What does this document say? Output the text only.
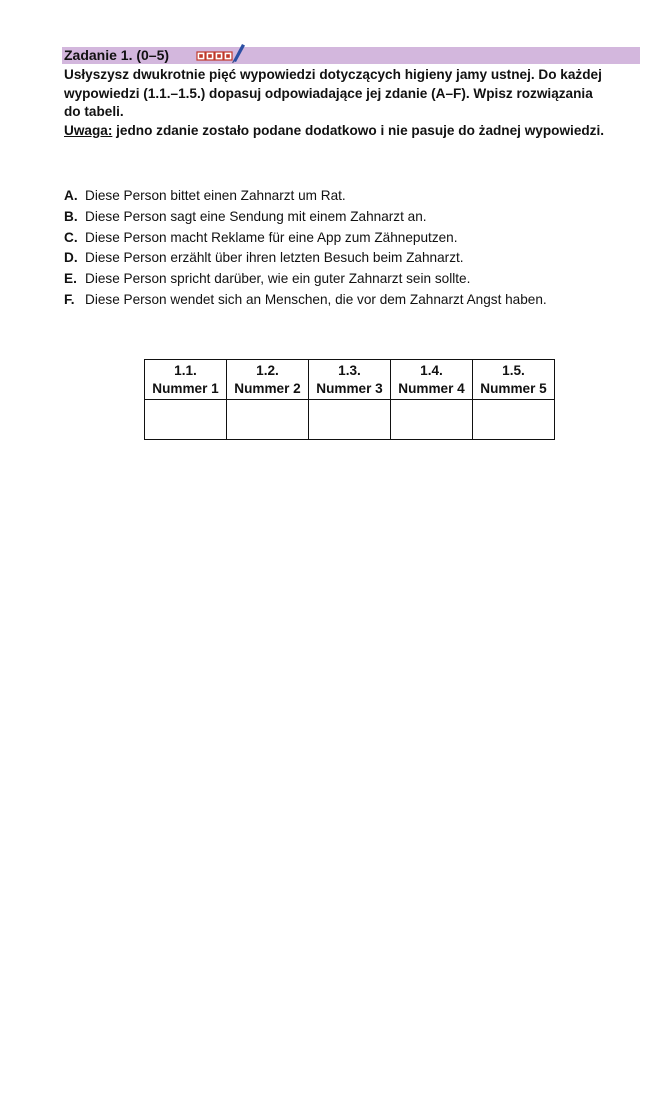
Zadanie 1. (0–5)

Usłyszysz dwukrotnie pięć wypowiedzi dotyczących higieny jamy ustnej. Do każdej

wypowiedzi (1.1.–1.5.) dopasuj odpowiadające jej zdanie (A–F). Wpisz rozwiązania

do tabeli.

Uwaga: jedno zdanie zostało podane dodatkowo i nie pasuje do żadnej wypowiedzi.

A. Diese Person bittet einen Zahnarzt um Rat.
B. Diese Person sagt eine Sendung mit einem Zahnarzt an.
C. Diese Person macht Reklame für eine App zum Zähneputzen.
D. Diese Person erzählt über ihren letzten Besuch beim Zahnarzt.
E. Diese Person spricht darüber, wie ein guter Zahnarzt sein sollte.
F. Diese Person wendet sich an Menschen, die vor dem Zahnarzt Angst haben.
1.1.
Nummer 1	1.2.
Nummer 2	1.3.
Nummer 3	1.4.
Nummer 4	1.5.
Nummer 5
